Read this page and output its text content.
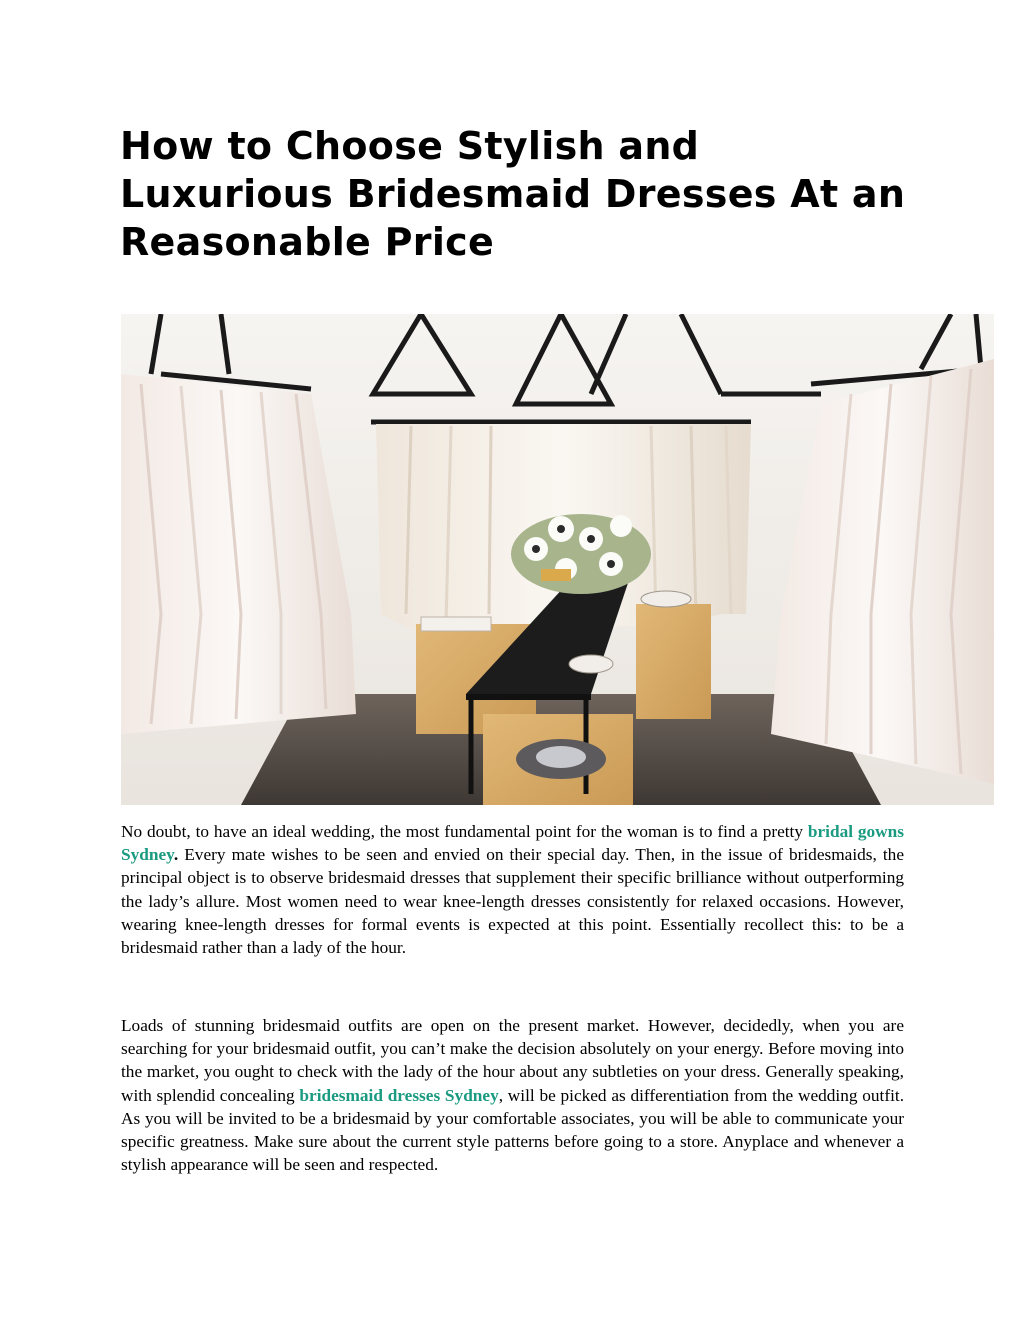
How to Choose Stylish and Luxurious Bridesmaid Dresses At an Reasonable Price

No doubt, to have an ideal wedding, the most fundamental point for the woman is to find a pretty bridal gowns Sydney. Every mate wishes to be seen and envied on their special day. Then, in the issue of bridesmaids, the principal object is to observe bridesmaid dresses that supplement their specific brilliance without outperforming the lady’s allure. Most women need to wear knee-length dresses consistently for relaxed occasions. However, wearing knee-length dresses for formal events is expected at this point. Essentially recollect this: to be a bridesmaid rather than a lady of the hour.

Loads of stunning bridesmaid outfits are open on the present market. However, decidedly, when you are searching for your bridesmaid outfit, you can’t make the decision absolutely on your energy. Before moving into the market, you ought to check with the lady of the hour about any subtleties on your dress. Generally speaking, with splendid concealing bridesmaid dresses Sydney, will be picked as differentiation from the wedding outfit. As you will be invited to be a bridesmaid by your comfortable associates, you will be able to communicate your specific greatness. Make sure about the current style patterns before going to a store. Anyplace and whenever a stylish appearance will be seen and respected.
